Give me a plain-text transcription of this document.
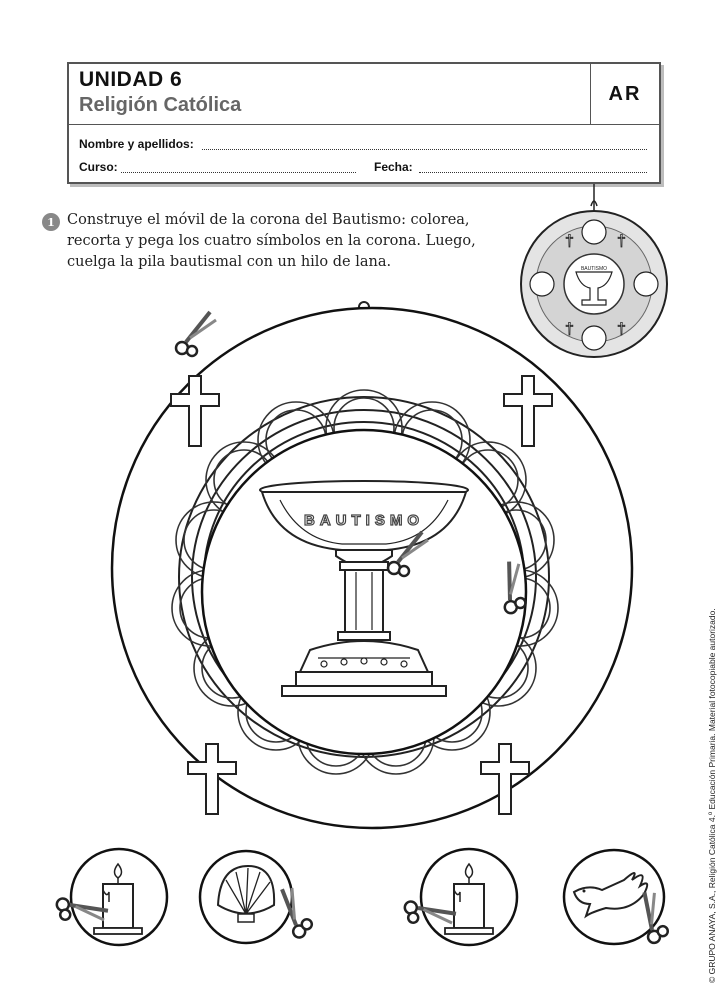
UNIDAD 6
Religión Católica
AR
Nombre y apellidos:
Curso:	Fecha:
1 Construye el móvil de la corona del Bautismo: colorea, recorta y pega los cuatro símbolos en la corona. Luego, cuelga la pila bautismal con un hilo de lana.	BAUTISMO
†	†
†	†
BAUTISMO
© GRUPO ANAYA, S.A., Religión Católica 4.º Educación Primaria. Material fotocopiable autorizado.
